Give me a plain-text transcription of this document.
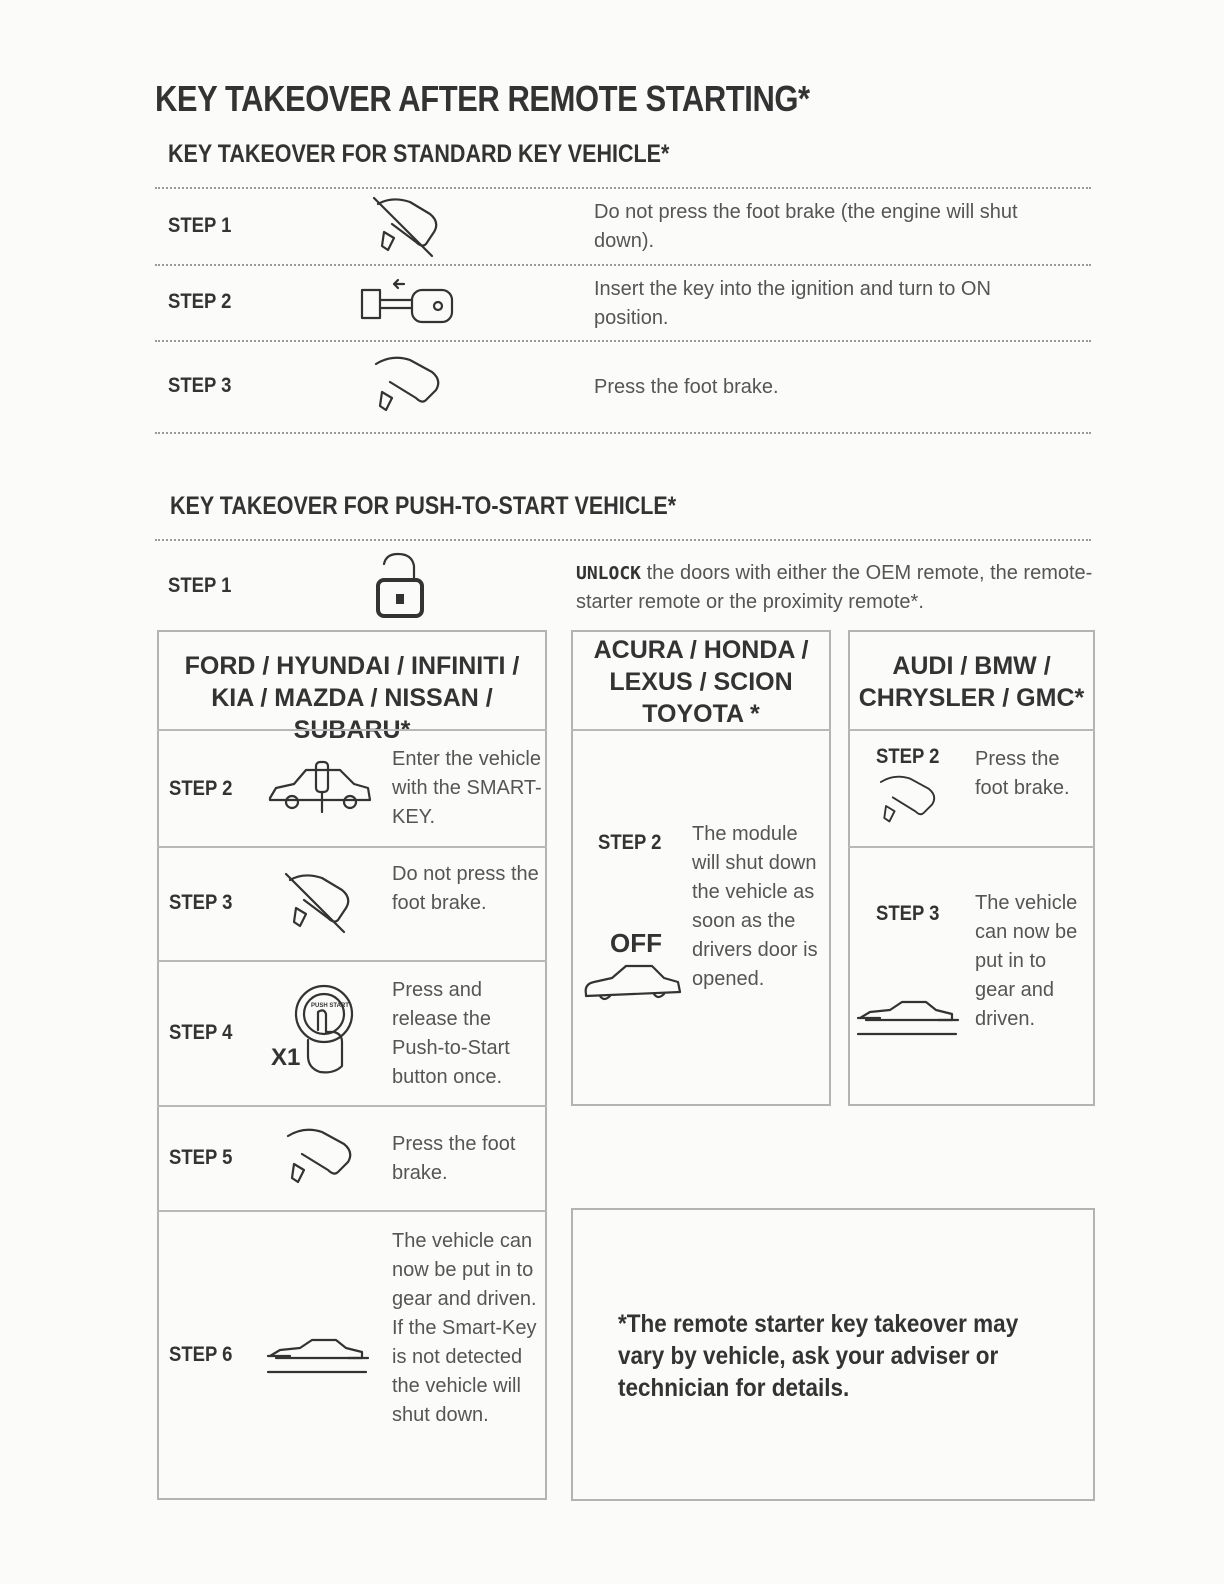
KEY TAKEOVER AFTER REMOTE STARTING*
KEY TAKEOVER FOR STANDARD KEY VEHICLE*
STEP 1
Do not press the foot brake (the engine will shut down).
STEP 2
Insert the key into the ignition and turn to ON position.
STEP 3	Press the foot brake.
KEY TAKEOVER FOR PUSH-TO-START VEHICLE*
STEP 1
UNLOCK the doors with either the OEM remote, the remote-starter remote or the proximity remote*.
FORD / HYUNDAI / INFINITI / KIA / MAZDA / NISSAN / SUBARU*
STEP 2
Enter the vehicle with the SMART-KEY.
STEP 3
Do not press the foot brake.
STEP 4
X1
PUSH START
Press and release the Push-to-Start button once.
STEP 5
Press the foot brake.
STEP 6
The vehicle can now be put in to gear and driven. If the Smart-Key is not detected the vehicle will shut down.
ACURA / HONDA / LEXUS / SCION TOYOTA *
STEP 2
OFF
The module will shut down the vehicle as soon as the drivers door is opened.
AUDI / BMW / CHRYSLER / GMC*
STEP 2 Press the foot brake.
STEP 3 The vehicle can now be put in to gear and driven.
*The remote starter key takeover may vary by vehicle, ask your adviser or technician for details.
